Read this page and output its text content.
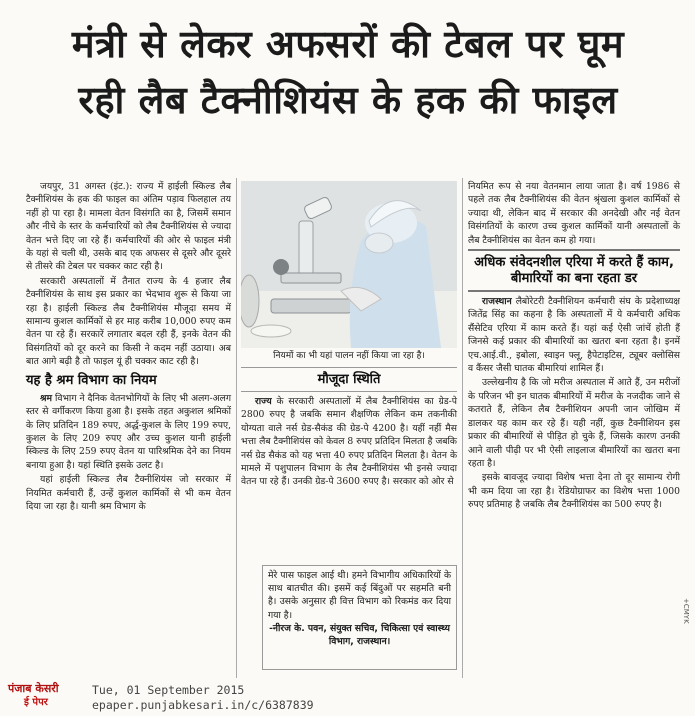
मंत्री से लेकर अफसरों की टेबल पर घूम
रही लैब टैक्नीशियंस के हक की फाइल

जयपुर, 31 अगस्त (इंट.): राज्य में हाईली स्किल्ड लैब टैक्नीशियंस के हक की फाइल का अंतिम पड़ाव फिलहाल तय नहीं हो पा रहा है। मामला वेतन विसंगति का है, जिसमें समान और नीचे के स्तर के कर्मचारियों को लैब टैक्नीशियंस से ज्यादा वेतन भत्ते दिए जा रहे हैं। कर्मचारियों की ओर से फाइल मंत्री के यहां से चली थी, उसके बाद एक अफसर से दूसरे और दूसरे से तीसरे की टेबल पर चक्कर काट रही है।

सरकारी अस्पतालों में तैनात राज्य के 4 हजार लैब टैक्नीशियंस के साथ इस प्रकार का भेदभाव शुरू से किया जा रहा है। हाईली स्किल्ड लैब टैक्नीशियंस मौजूदा समय में सामान्य कुशल कार्मिकों से हर माह करीब 10,000 रुपए कम वेतन पा रहे हैं। सरकारें लगातार बदल रही हैं, इनके वेतन की विसंगतियों को दूर करने का किसी ने कदम नहीं उठाया। अब बात आगे बढ़ी है तो फाइल यूं ही चक्कर काट रही है।

यह है श्रम विभाग का नियम

श्रम विभाग ने दैनिक वेतनभोगियों के लिए भी अलग-अलग स्तर से वर्गीकरण किया हुआ है। इसके तहत अकुशल श्रमिकों के लिए प्रतिदिन 189 रुपए, अर्द्ध-कुशल के लिए 199 रुपए, कुशल के लिए 209 रुपए और उच्च कुशल यानी हाईली स्किल्ड के लिए 259 रुपए वेतन या पारिश्रमिक देने का नियम बनाया हुआ है। यहां स्थिति इसके उलट है।

यहां हाईली स्किल्ड लैब टैक्नीशियंस जो सरकार में नियमित कर्मचारी हैं, उन्हें कुशल कार्मिकों से भी कम वेतन दिया जा रहा है। यानी श्रम विभाग के

नियमों का भी यहां पालन नहीं किया जा रहा है।
मौजूदा स्थिति

राज्य के सरकारी अस्पतालों में लैब टैक्नीशियंस का ग्रेड-पे 2800 रुपए है जबकि समान शैक्षणिक लेकिन कम तकनीकी योग्यता वाले नर्स ग्रेड-सैकंड की ग्रेड-पे 4200 है। यहीं नहीं मैस भत्ता लैब टैक्नीशियंस को केवल 8 रुपए प्रतिदिन मिलता है जबकि नर्स ग्रेड सैकंड को यह भत्ता 40 रुपए प्रतिदिन मिलता है। वेतन के मामले में पशुपालन विभाग के लैब टैक्नीशियंस भी इनसे ज्यादा वेतन पा रहे हैं। उनकी ग्रेड-पे 3600 रुपए है। सरकार को ओर से

मेरे पास फाइल आई थी। हमने विभागीय अधिकारियों के साथ बातचीत की। इसमें कई बिंदुओं पर सहमति बनी है। उसके अनुसार ही वित्त विभाग को रिकमंड कर दिया गया है।
-नीरज के. पवन, संयुक्त सचिव, चिकित्सा एवं स्वास्थ्य विभाग, राजस्थान।

नियमित रूप से नया वेतनमान लाया जाता है। वर्ष 1986 से पहले तक लैब टैक्नीशियंस की वेतन श्रृंखला कुशल कार्मिकों से ज्यादा थी, लेकिन बाद में सरकार की अनदेखी और नई वेतन विसंगतियों के कारण उच्च कुशल कार्मिकों यानी अस्पतालों के लैब टैक्नीशियंस का वेतन कम हो गया।

अधिक संवेदनशील एरिया में करते हैं काम, बीमारियों का बना रहता डर

राजस्थान लैबोरेटरी टैक्नीशियन कर्मचारी संघ के प्रदेशाध्यक्ष जितेंद्र सिंह का कहना है कि अस्पतालों में ये कर्मचारी अधिक सैंसेटिव एरिया में काम करते हैं। यहां कई ऐसी जांचें होती हैं जिनसे कई प्रकार की बीमारियों का खतरा बना रहता है। इनमें एच.आई.वी., इबोला, स्वाइन फ्लू, हैपेटाइटिस, ट्यूबर क्लोसिस व कैंसर जैसी घातक बीमारियां शामिल हैं।

उल्लेखनीय है कि जो मरीज अस्पताल में आते हैं, उन मरीजों के परिजन भी इन घातक बीमारियों में मरीज के नजदीक जाने से कतराते हैं, लेकिन लैब टैक्नीशियन अपनी जान जोखिम में डालकर यह काम कर रहे हैं। यही नहीं, कुछ टैक्नीशियन इस प्रकार की बीमारियों से पीड़ित हो चुके हैं, जिसके कारण उनकी आने वाली पीढ़ी पर भी ऐसी लाइलाज बीमारियों का खतरा बना रहता है।

इसके बावजूद ज्यादा विशेष भत्ता देना तो दूर सामान्य रोगी भी कम दिया जा रहा है। रेडियोग्राफर का विशेष भत्ता 1000 रुपए प्रतिमाह है जबकि लैब टैक्नीशियंस का 500 रुपए है।

+CMYK
पंजाब केसरी
ई पेपर
Tue, 01 September 2015
epaper.punjabkesari.in/c/6387839
